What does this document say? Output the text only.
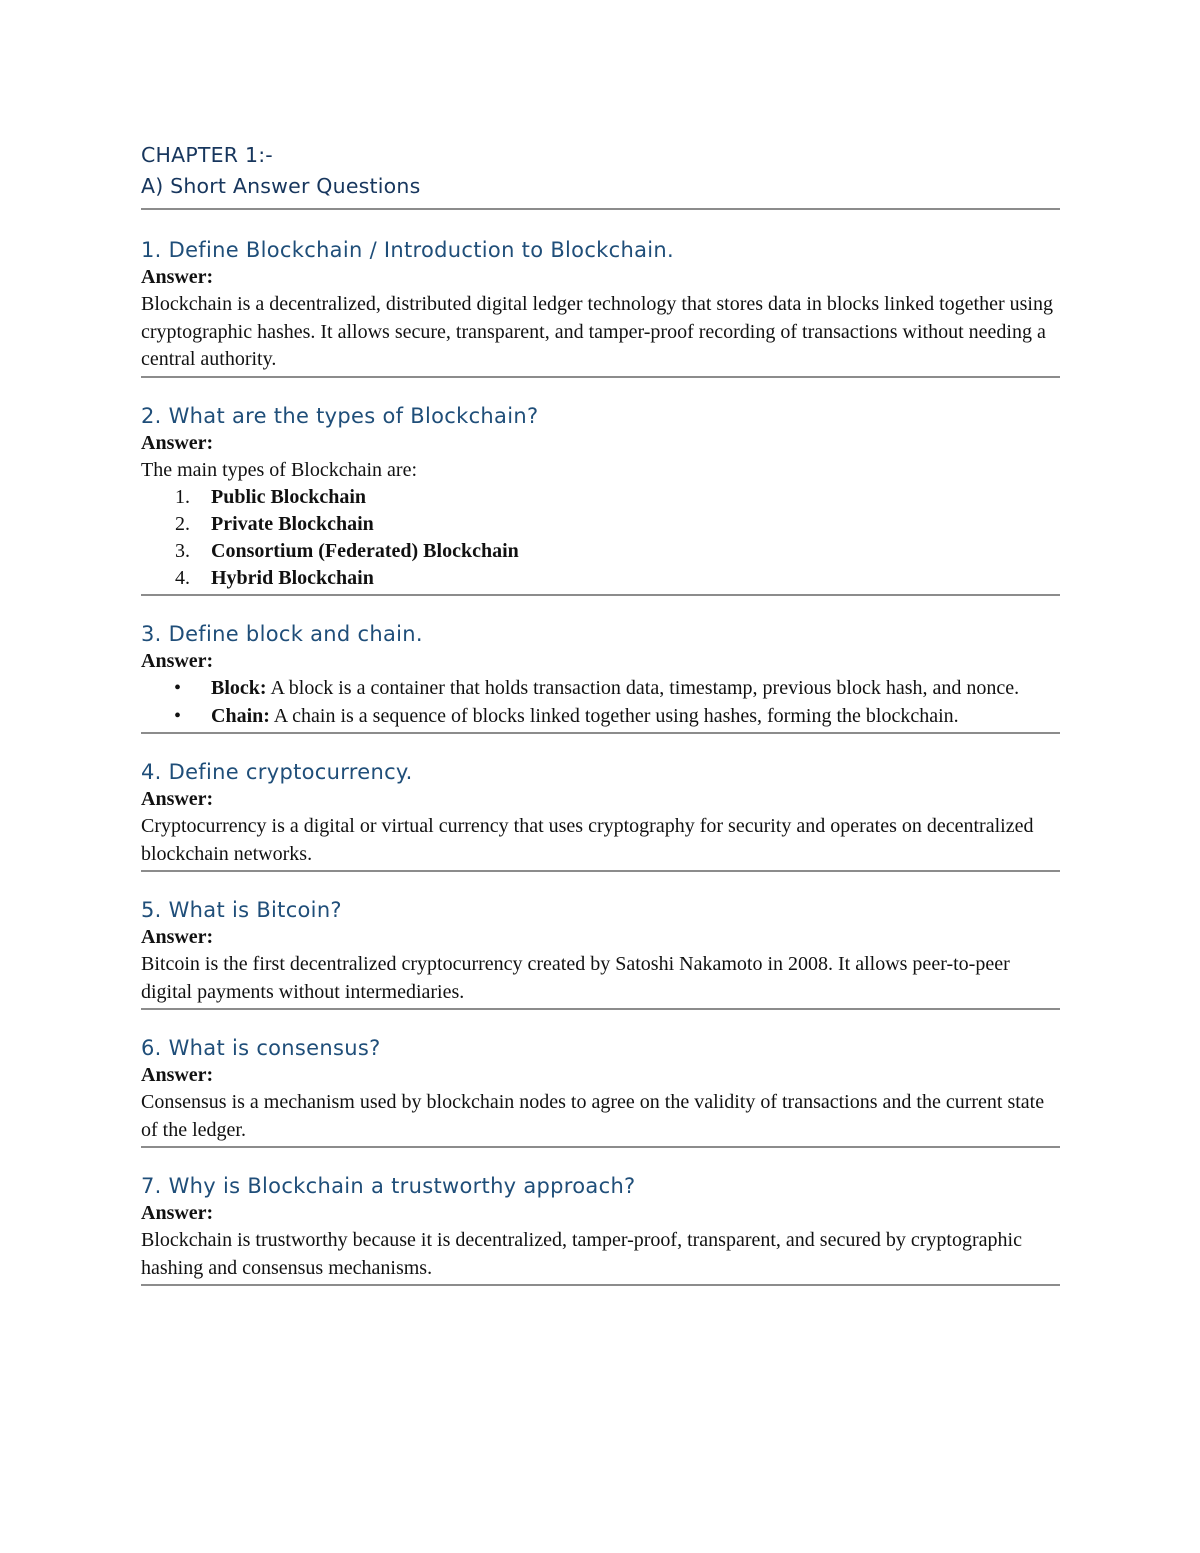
CHAPTER 1:-

A) Short Answer Questions

1. Define Blockchain / Introduction to Blockchain.

Answer:

Blockchain is a decentralized, distributed digital ledger technology that stores data in blocks linked together using cryptographic hashes. It allows secure, transparent, and tamper-proof recording of transactions without needing a central authority.

2. What are the types of Blockchain?

Answer:

The main types of Blockchain are:

1. Public Blockchain
2. Private Blockchain
3. Consortium (Federated) Blockchain
4. Hybrid Blockchain

3. Define block and chain.

Answer:

• Block: A block is a container that holds transaction data, timestamp, previous block hash, and nonce.
• Chain: A chain is a sequence of blocks linked together using hashes, forming the blockchain.

4. Define cryptocurrency.

Answer:

Cryptocurrency is a digital or virtual currency that uses cryptography for security and operates on decentralized blockchain networks.

5. What is Bitcoin?

Answer:

Bitcoin is the first decentralized cryptocurrency created by Satoshi Nakamoto in 2008. It allows peer-to-peer digital payments without intermediaries.

6. What is consensus?

Answer:

Consensus is a mechanism used by blockchain nodes to agree on the validity of transactions and the current state of the ledger.

7. Why is Blockchain a trustworthy approach?

Answer:

Blockchain is trustworthy because it is decentralized, tamper-proof, transparent, and secured by cryptographic hashing and consensus mechanisms.
